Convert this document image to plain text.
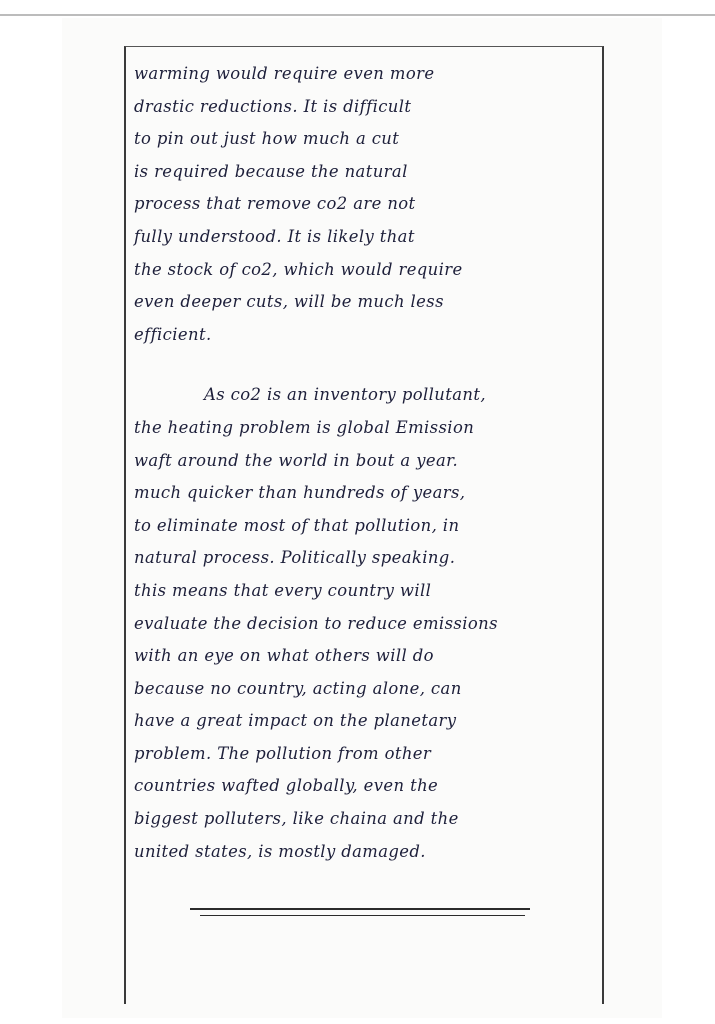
warming would require even more
drastic reductions. It is difficult
to pin out just how much a cut
is required because the natural
process that remove co2 are not
fully understood. It is likely that
the stock of co2, which would require
even deeper cuts, will be much less
efficient.
As co2 is an inventory pollutant,
the heating problem is global Emission
waft around the world in bout a year.
much quicker than hundreds of years,
to eliminate most of that pollution, in
natural process. Politically speaking.
this means that every country will
evaluate the decision to reduce emissions
with an eye on what others will do
because no country, acting alone, can
have a great impact on the planetary
problem. The pollution from other
countries wafted globally, even the
biggest polluters, like chaina and the
united states, is mostly damaged.
